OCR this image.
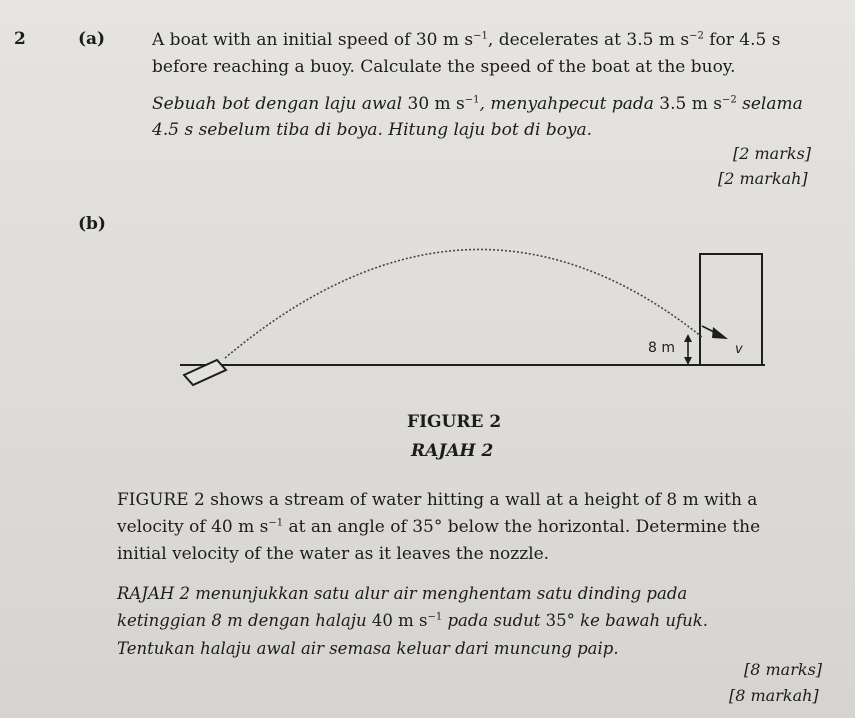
2	(a)	A boat with an initial speed of 30 m $s^{-1}$, decelerates at 3.5 m $s^{-2}$ for 4.5 s
before reaching a buoy. Calculate the speed of the boat at the buoy.
Sebuah bot dengan laju awal 30 m $s^{-1}$, menyahpecut pada 3.5 m $s^{-2}$ selama
4.5 s sebelum tiba di boya. Hitung laju bot di boya.
[2 marks]
[2 markah]
(b)
8 m	v
FIGURE 2
RAJAH 2
FIGURE 2 shows a stream of water hitting a wall at a height of 8 m with a
velocity of 40 m $s^{-1}$ at an angle of 35° below the horizontal. Determine the
initial velocity of the water as it leaves the nozzle.
RAJAH 2 menunjukkan satu alur air menghentam satu dinding pada
ketinggian 8 m dengan halaju 40 m $s^{-1}$ pada sudut 35° ke bawah ufuk.
Tentukan halaju awal air semasa keluar dari muncung paip.
[8 marks]
[8 markah]
